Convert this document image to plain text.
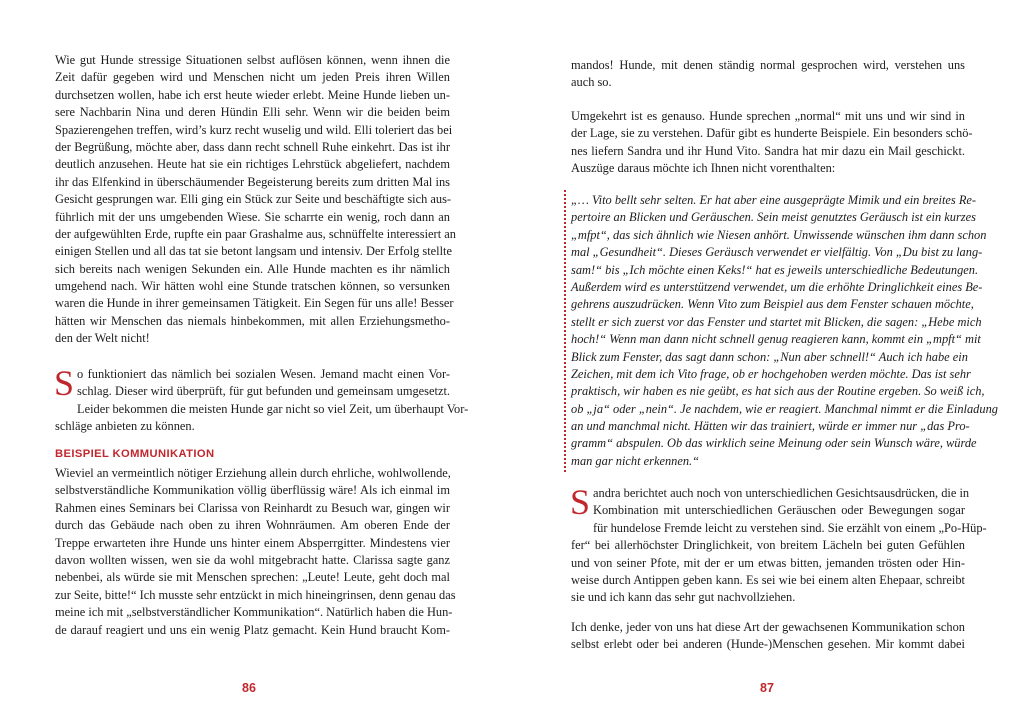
Wie gut Hunde stressige Situationen selbst auflösen können, wenn ihnen die
Zeit dafür gegeben wird und Menschen nicht um jeden Preis ihren Willen
durchsetzen wollen, habe ich erst heute wieder erlebt. Meine Hunde lieben un-
sere Nachbarin Nina und deren Hündin Elli sehr. Wenn wir die beiden beim
Spazierengehen treffen, wird’s kurz recht wuselig und wild. Elli toleriert das bei
der Begrüßung, möchte aber, dass dann recht schnell Ruhe einkehrt. Das ist ihr
deutlich anzusehen. Heute hat sie ein richtiges Lehrstück abgeliefert, nachdem
ihr das Elfenkind in überschäumender Begeisterung bereits zum dritten Mal ins
Gesicht gesprungen war. Elli ging ein Stück zur Seite und beschäftigte sich aus-
führlich mit der uns umgebenden Wiese. Sie scharrte ein wenig, roch dann an
der aufgewühlten Erde, rupfte ein paar Grashalme aus, schnüffelte interessiert an
einigen Stellen und all das tat sie betont langsam und intensiv. Der Erfolg stellte
sich bereits nach wenigen Sekunden ein. Alle Hunde machten es ihr nämlich
umgehend nach. Wir hätten wohl eine Stunde tratschen können, so versunken
waren die Hunde in ihrer gemeinsamen Tätigkeit. Ein Segen für uns alle! Besser
hätten wir Menschen das niemals hinbekommen, mit allen Erziehungsmetho-
den der Welt nicht!
S o funktioniert das nämlich bei sozialen Wesen. Jemand macht einen Vor-
schlag. Dieser wird überprüft, für gut befunden und gemeinsam umgesetzt.
Leider bekommen die meisten Hunde gar nicht so viel Zeit, um überhaupt Vor-
schläge anbieten zu können.
BEISPIEL KOMMUNIKATION
Wieviel an vermeintlich nötiger Erziehung allein durch ehrliche, wohlwollende,
selbstverständliche Kommunikation völlig überflüssig wäre! Als ich einmal im
Rahmen eines Seminars bei Clarissa von Reinhardt zu Besuch war, gingen wir
durch das Gebäude nach oben zu ihren Wohnräumen. Am oberen Ende der
Treppe erwarteten ihre Hunde uns hinter einem Absperrgitter. Mindestens vier
davon wollten wissen, wen sie da wohl mitgebracht hatte. Clarissa sagte ganz
nebenbei, als würde sie mit Menschen sprechen: „Leute! Leute, geht doch mal
zur Seite, bitte!“ Ich musste sehr entzückt in mich hineingrinsen, denn genau das
meine ich mit „selbstverständlicher Kommunikation“. Natürlich haben die Hun-
de darauf reagiert und uns ein wenig Platz gemacht. Kein Hund braucht Kom-
86
mandos! Hunde, mit denen ständig normal gesprochen wird, verstehen uns
auch so.
Umgekehrt ist es genauso. Hunde sprechen „normal“ mit uns und wir sind in
der Lage, sie zu verstehen. Dafür gibt es hunderte Beispiele. Ein besonders schö-
nes liefern Sandra und ihr Hund Vito. Sandra hat mir dazu ein Mail geschickt.
Auszüge daraus möchte ich Ihnen nicht vorenthalten:
„… Vito bellt sehr selten. Er hat aber eine ausgeprägte Mimik und ein breites Re-
pertoire an Blicken und Geräuschen. Sein meist genutztes Geräusch ist ein kurzes
„mfpt“, das sich ähnlich wie Niesen anhört. Unwissende wünschen ihm dann schon
mal „Gesundheit“. Dieses Geräusch verwendet er vielfältig. Von „Du bist zu lang-
sam!“ bis „Ich möchte einen Keks!“ hat es jeweils unterschiedliche Bedeutungen.
Außerdem wird es unterstützend verwendet, um die erhöhte Dringlichkeit eines Be-
gehrens auszudrücken. Wenn Vito zum Beispiel aus dem Fenster schauen möchte,
stellt er sich zuerst vor das Fenster und startet mit Blicken, die sagen: „Hebe mich
hoch!“ Wenn man dann nicht schnell genug reagieren kann, kommt ein „mpft“ mit
Blick zum Fenster, das sagt dann schon: „Nun aber schnell!“ Auch ich habe ein
Zeichen, mit dem ich Vito frage, ob er hochgehoben werden möchte. Das ist sehr
praktisch, wir haben es nie geübt, es hat sich aus der Routine ergeben. So weiß ich,
ob „ja“ oder „nein“. Je nachdem, wie er reagiert. Manchmal nimmt er die Einladung
an und manchmal nicht. Hätten wir das trainiert, würde er immer nur „das Pro-
gramm“ abspulen. Ob das wirklich seine Meinung oder sein Wunsch wäre, würde
man gar nicht erkennen.“
S andra berichtet auch noch von unterschiedlichen Gesichtsausdrücken, die in
Kombination mit unterschiedlichen Geräuschen oder Bewegungen sogar
für hundelose Fremde leicht zu verstehen sind. Sie erzählt von einem „Po-Hüp-
fer“ bei allerhöchster Dringlichkeit, von breitem Lächeln bei guten Gefühlen
und von seiner Pfote, mit der er um etwas bitten, jemanden trösten oder Hin-
weise durch Antippen geben kann. Es sei wie bei einem alten Ehepaar, schreibt
sie und ich kann das sehr gut nachvollziehen.
Ich denke, jeder von uns hat diese Art der gewachsenen Kommunikation schon
selbst erlebt oder bei anderen (Hunde-)Menschen gesehen. Mir kommt dabei
87
